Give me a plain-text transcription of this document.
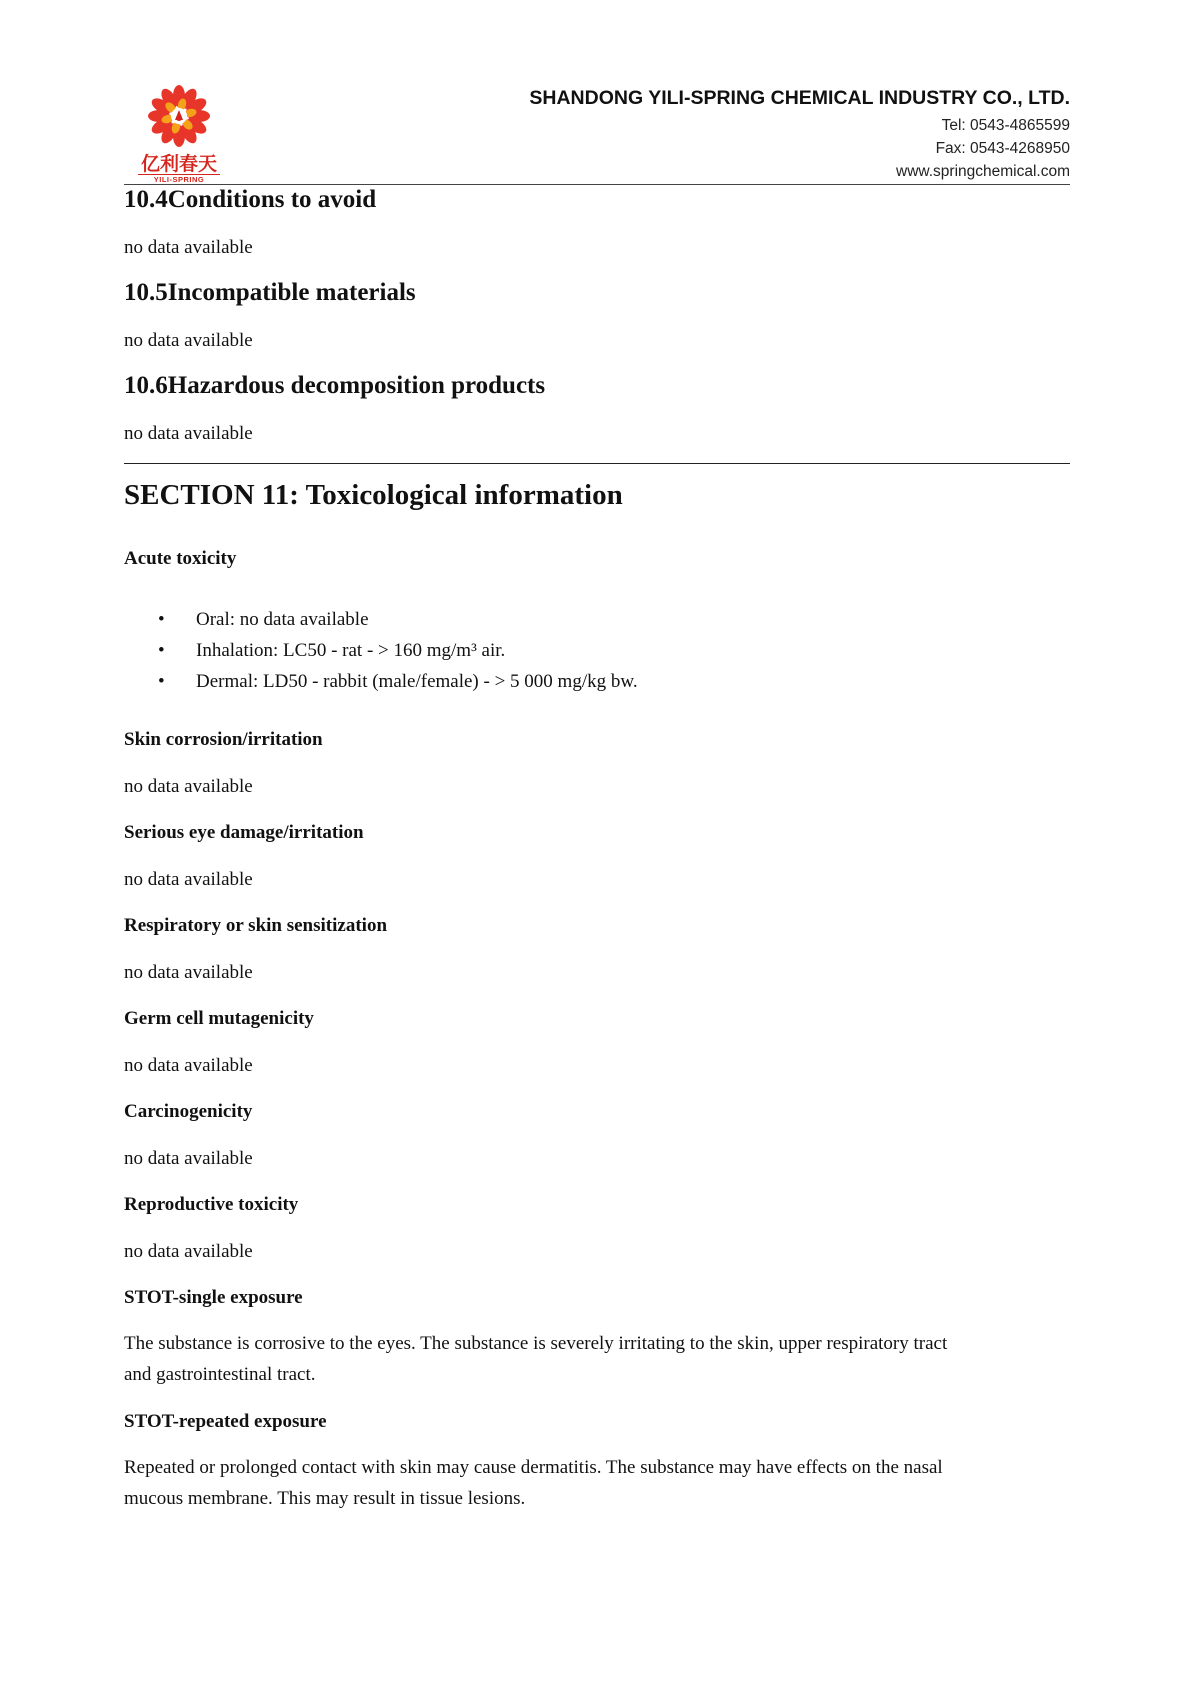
亿利春天
YILI-SPRING
SHANDONG YILI-SPRING CHEMICAL INDUSTRY CO., LTD.
Tel: 0543-4865599
Fax: 0543-4268950
www.springchemical.com
10.4Conditions to avoid
no data available
10.5Incompatible materials
no data available
10.6Hazardous decomposition products
no data available
SECTION 11: Toxicological information
Acute toxicity
• Oral: no data available
• Inhalation: LC50 - rat - > 160 mg/m³ air.
• Dermal: LD50 - rabbit (male/female) - > 5 000 mg/kg bw.
Skin corrosion/irritation
no data available
Serious eye damage/irritation
no data available
Respiratory or skin sensitization
no data available
Germ cell mutagenicity
no data available
Carcinogenicity
no data available
Reproductive toxicity
no data available
STOT-single exposure
The substance is corrosive to the eyes. The substance is severely irritating to the skin, upper respiratory tract
and gastrointestinal tract.
STOT-repeated exposure
Repeated or prolonged contact with skin may cause dermatitis. The substance may have effects on the nasal
mucous membrane. This may result in tissue lesions.
